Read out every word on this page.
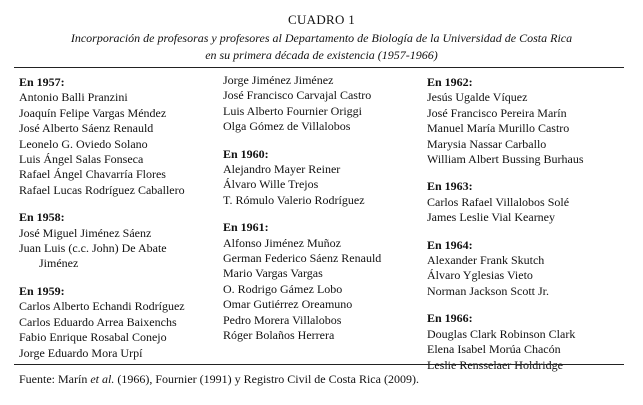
CUADRO 1
Incorporación de profesoras y profesores al Departamento de Biología de la Universidad de Costa Rica
en su primera década de existencia (1957-1966)
En 1957:
Antonio Balli Pranzini
Joaquín Felipe Vargas Méndez
José Alberto Sáenz Renauld
Leonelo G. Oviedo Solano
Luis Ángel Salas Fonseca
Rafael Ángel Chavarría Flores
Rafael Lucas Rodríguez Caballero
En 1958:
José Miguel Jiménez Sáenz
Juan Luis (c.c. John) De Abate
Jiménez
En 1959:
Carlos Alberto Echandi Rodríguez
Carlos Eduardo Arrea Baixenchs
Fabio Enrique Rosabal Conejo
Jorge Eduardo Mora Urpí
Jorge Jiménez Jiménez
José Francisco Carvajal Castro
Luis Alberto Fournier Origgi
Olga Gómez de Villalobos
En 1960:
Alejandro Mayer Reiner
Álvaro Wille Trejos
T. Rómulo Valerio Rodríguez
En 1961:
Alfonso Jiménez Muñoz
German Federico Sáenz Renauld
Mario Vargas Vargas
O. Rodrigo Gámez Lobo
Omar Gutiérrez Oreamuno
Pedro Morera Villalobos
Róger Bolaños Herrera
En 1962:
Jesús Ugalde Víquez
José Francisco Pereira Marín
Manuel María Murillo Castro
Marysia Nassar Carballo
William Albert Bussing Burhaus
En 1963:
Carlos Rafael Villalobos Solé
James Leslie Vial Kearney
En 1964:
Alexander Frank Skutch
Álvaro Yglesias Vieto
Norman Jackson Scott Jr.
En 1966:
Douglas Clark Robinson Clark
Elena Isabel Morúa Chacón
Leslie Rensselaer Holdridge
Fuente: Marín et al. (1966), Fournier (1991) y Registro Civil de Costa Rica (2009).
